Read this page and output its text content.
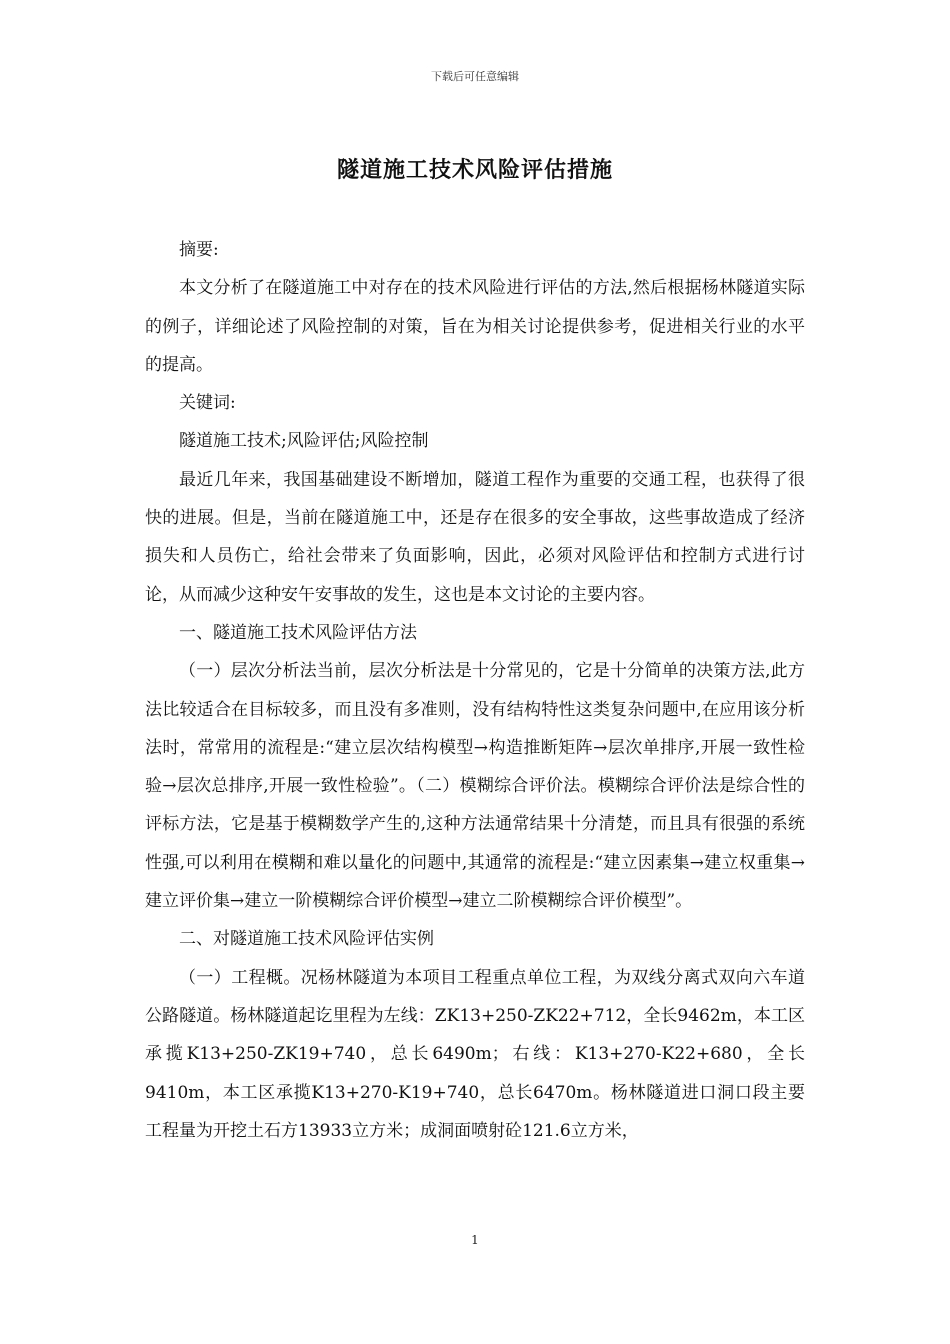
下载后可任意编辑
隧道施工技术风险评估措施

摘要:

本文分析了在隧道施工中对存在的技术风险进行评估的方法,然后根据杨林隧道实际的例子，详细论述了风险控制的对策，旨在为相关讨论提供参考，促进相关行业的水平的提高。

关键词:

隧道施工技术;风险评估;风险控制

最近几年来，我国基础建设不断增加，隧道工程作为重要的交通工程，也获得了很快的进展。但是，当前在隧道施工中，还是存在很多的安全事故，这些事故造成了经济损失和人员伤亡，给社会带来了负面影响，因此，必须对风险评估和控制方式进行讨论，从而减少这种安午安事故的发生，这也是本文讨论的主要内容。

一、隧道施工技术风险评估方法

（一）层次分析法当前，层次分析法是十分常见的，它是十分简单的决策方法,此方法比较适合在目标较多，而且没有多准则，没有结构特性这类复杂问题中,在应用该分析法时，常常用的流程是:“建立层次结构模型→构造推断矩阵→层次单排序,开展一致性检验→层次总排序,开展一致性检验”。（二）模糊综合评价法。模糊综合评价法是综合性的评标方法，它是基于模糊数学产生的,这种方法通常结果十分清楚，而且具有很强的系统性强,可以利用在模糊和难以量化的问题中,其通常的流程是:“建立因素集→建立权重集→建立评价集→建立一阶模糊综合评价模型→建立二阶模糊综合评价模型”。

二、对隧道施工技术风险评估实例

（一）工程概。况杨林隧道为本项目工程重点单位工程，为双线分离式双向六车道公路隧道。杨林隧道起讫里程为左线：ZK13+250-ZK22+712，全长9462m，本工区承揽K13+250-ZK19+740，总长6490m；右线：K13+270-K22+680，全长9410m，本工区承揽K13+270-K19+740，总长6470m。杨林隧道进口洞口段主要工程量为开挖土石方13933立方米；成洞面喷射砼121.6立方米，

1
